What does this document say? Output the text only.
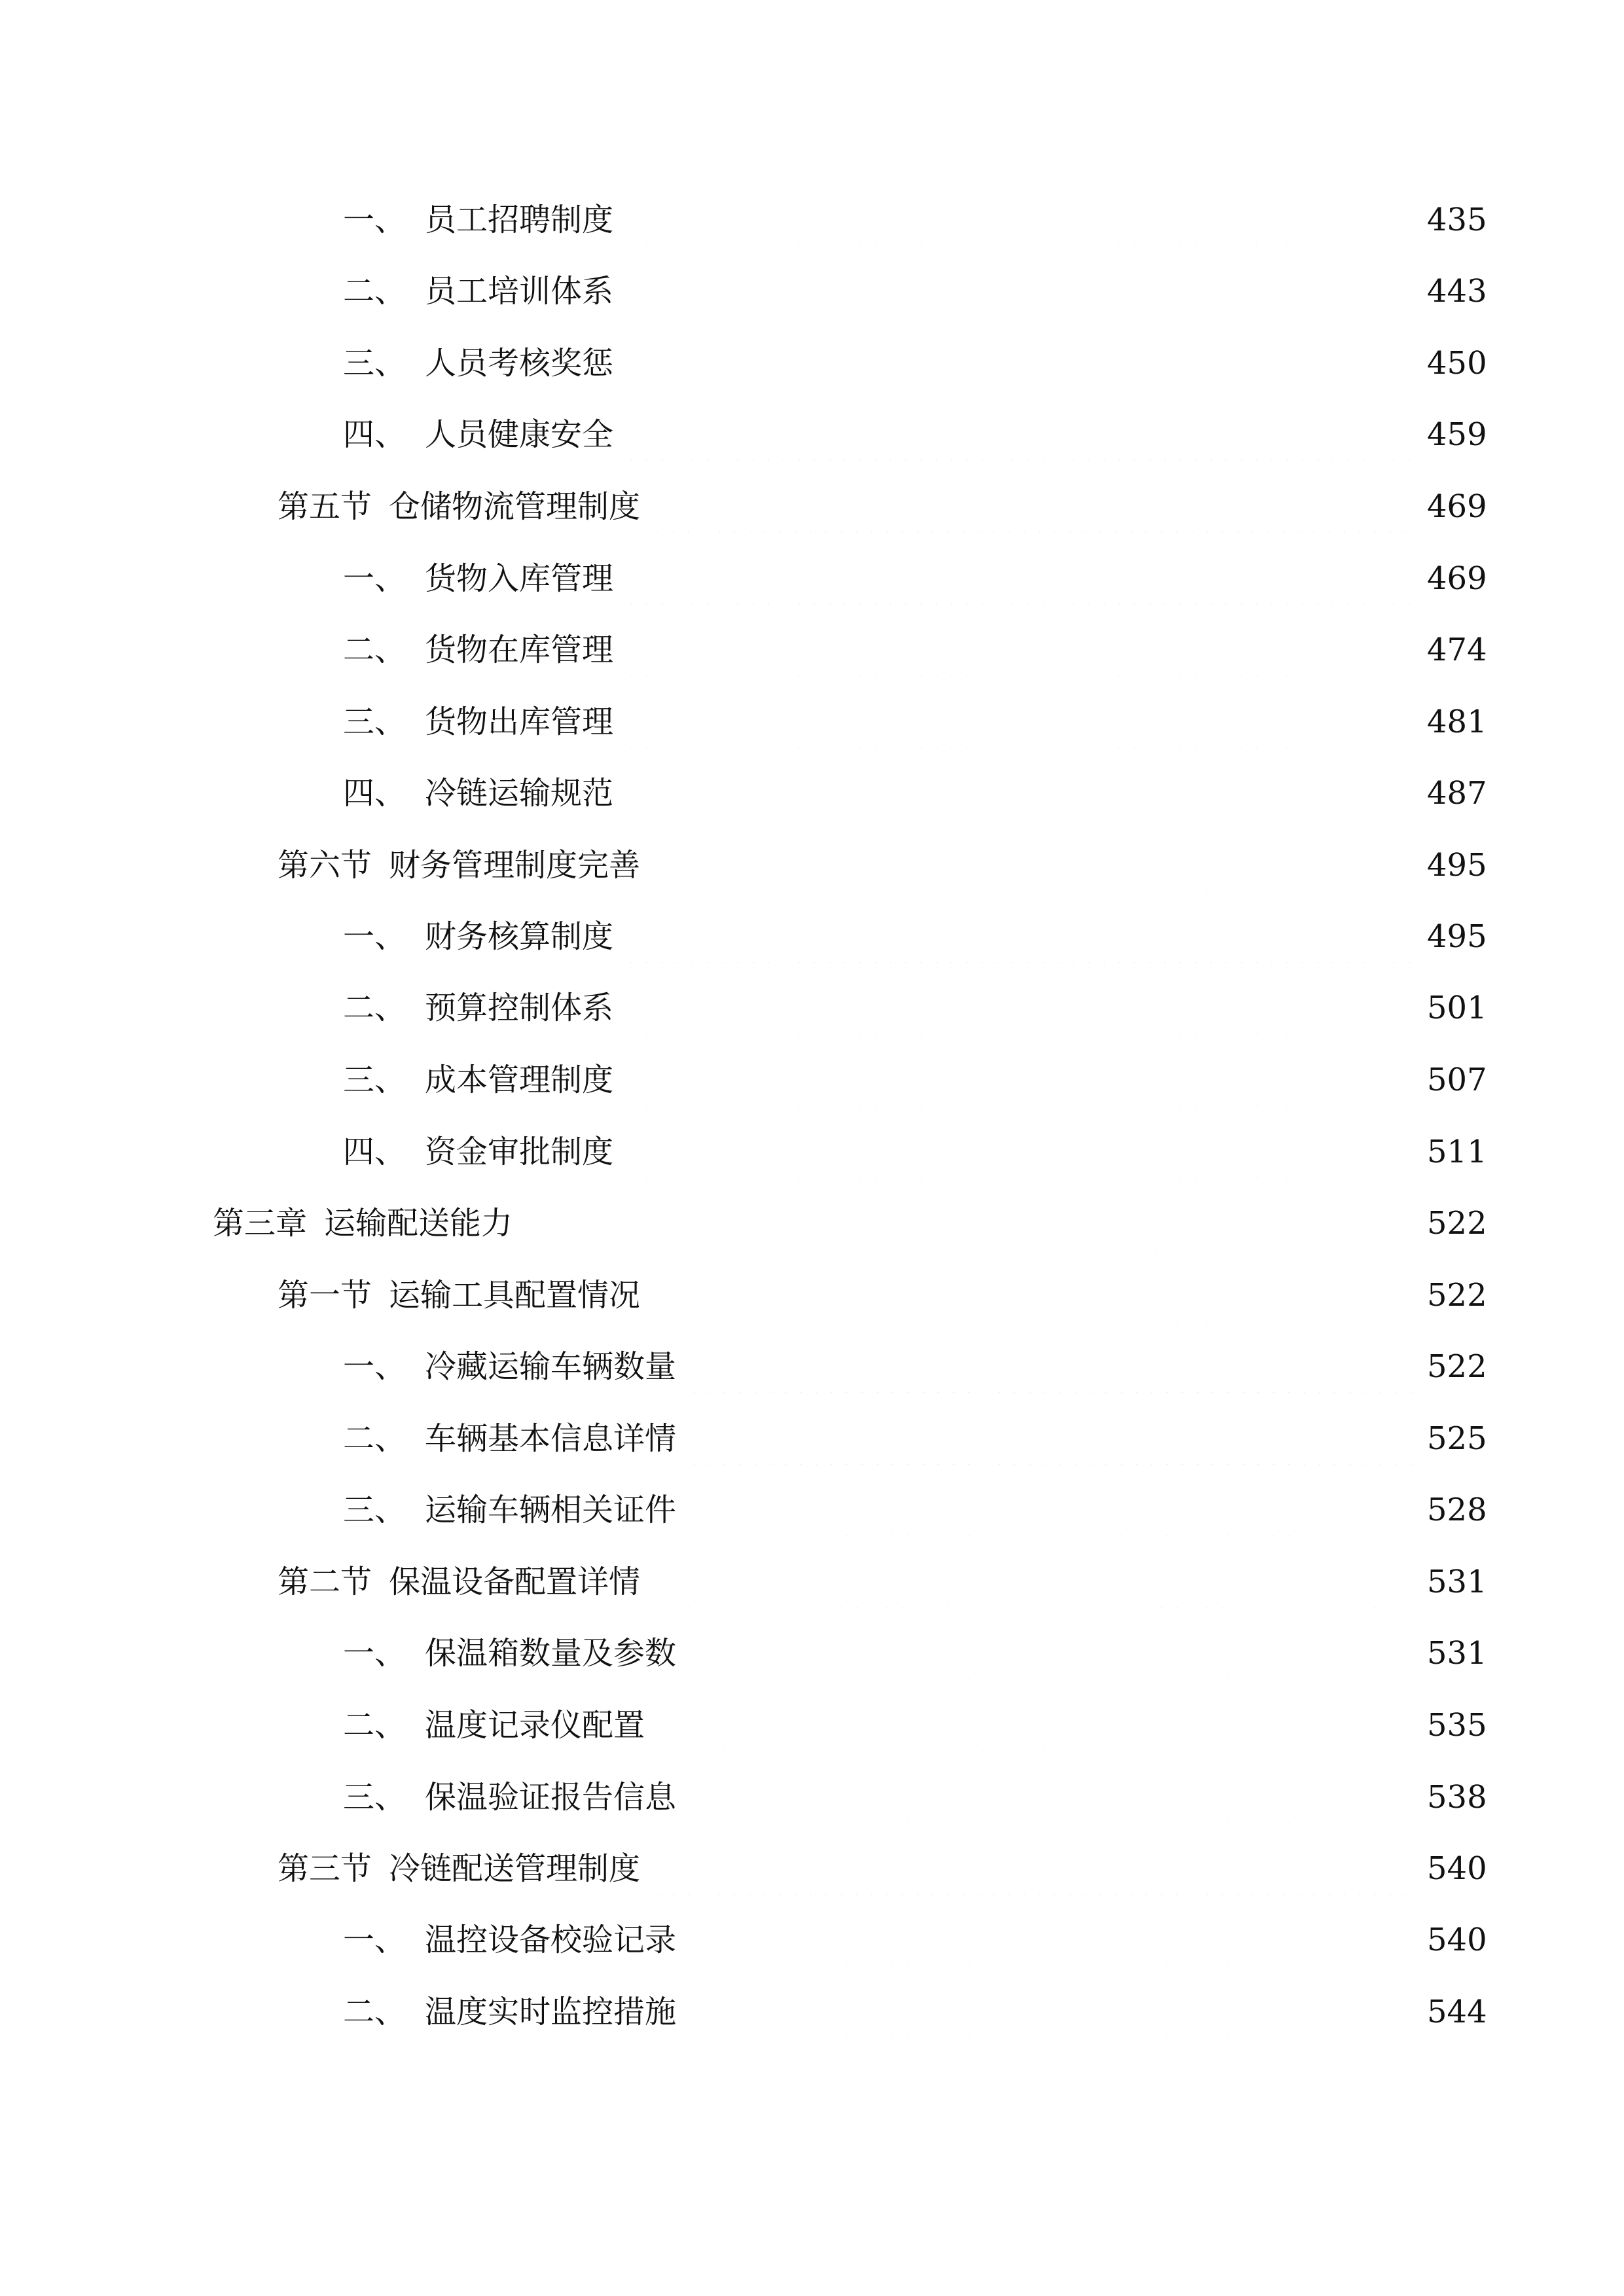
一、 员工招聘制度	435
二、 员工培训体系	443
三、 人员考核奖惩	450
四、 人员健康安全	459
第五节 仓储物流管理制度	469
一、 货物入库管理	469
二、 货物在库管理	474
三、 货物出库管理	481
四、 冷链运输规范	487
第六节 财务管理制度完善	495
一、 财务核算制度	495
二、 预算控制体系	501
三、 成本管理制度	507
四、 资金审批制度	511
第三章 运输配送能力	522
第一节 运输工具配置情况	522
一、 冷藏运输车辆数量	522
二、 车辆基本信息详情	525
三、 运输车辆相关证件	528
第二节 保温设备配置详情	531
一、 保温箱数量及参数	531
二、 温度记录仪配置	535
三、 保温验证报告信息	538
第三节 冷链配送管理制度	540
一、 温控设备校验记录	540
二、 温度实时监控措施	544
